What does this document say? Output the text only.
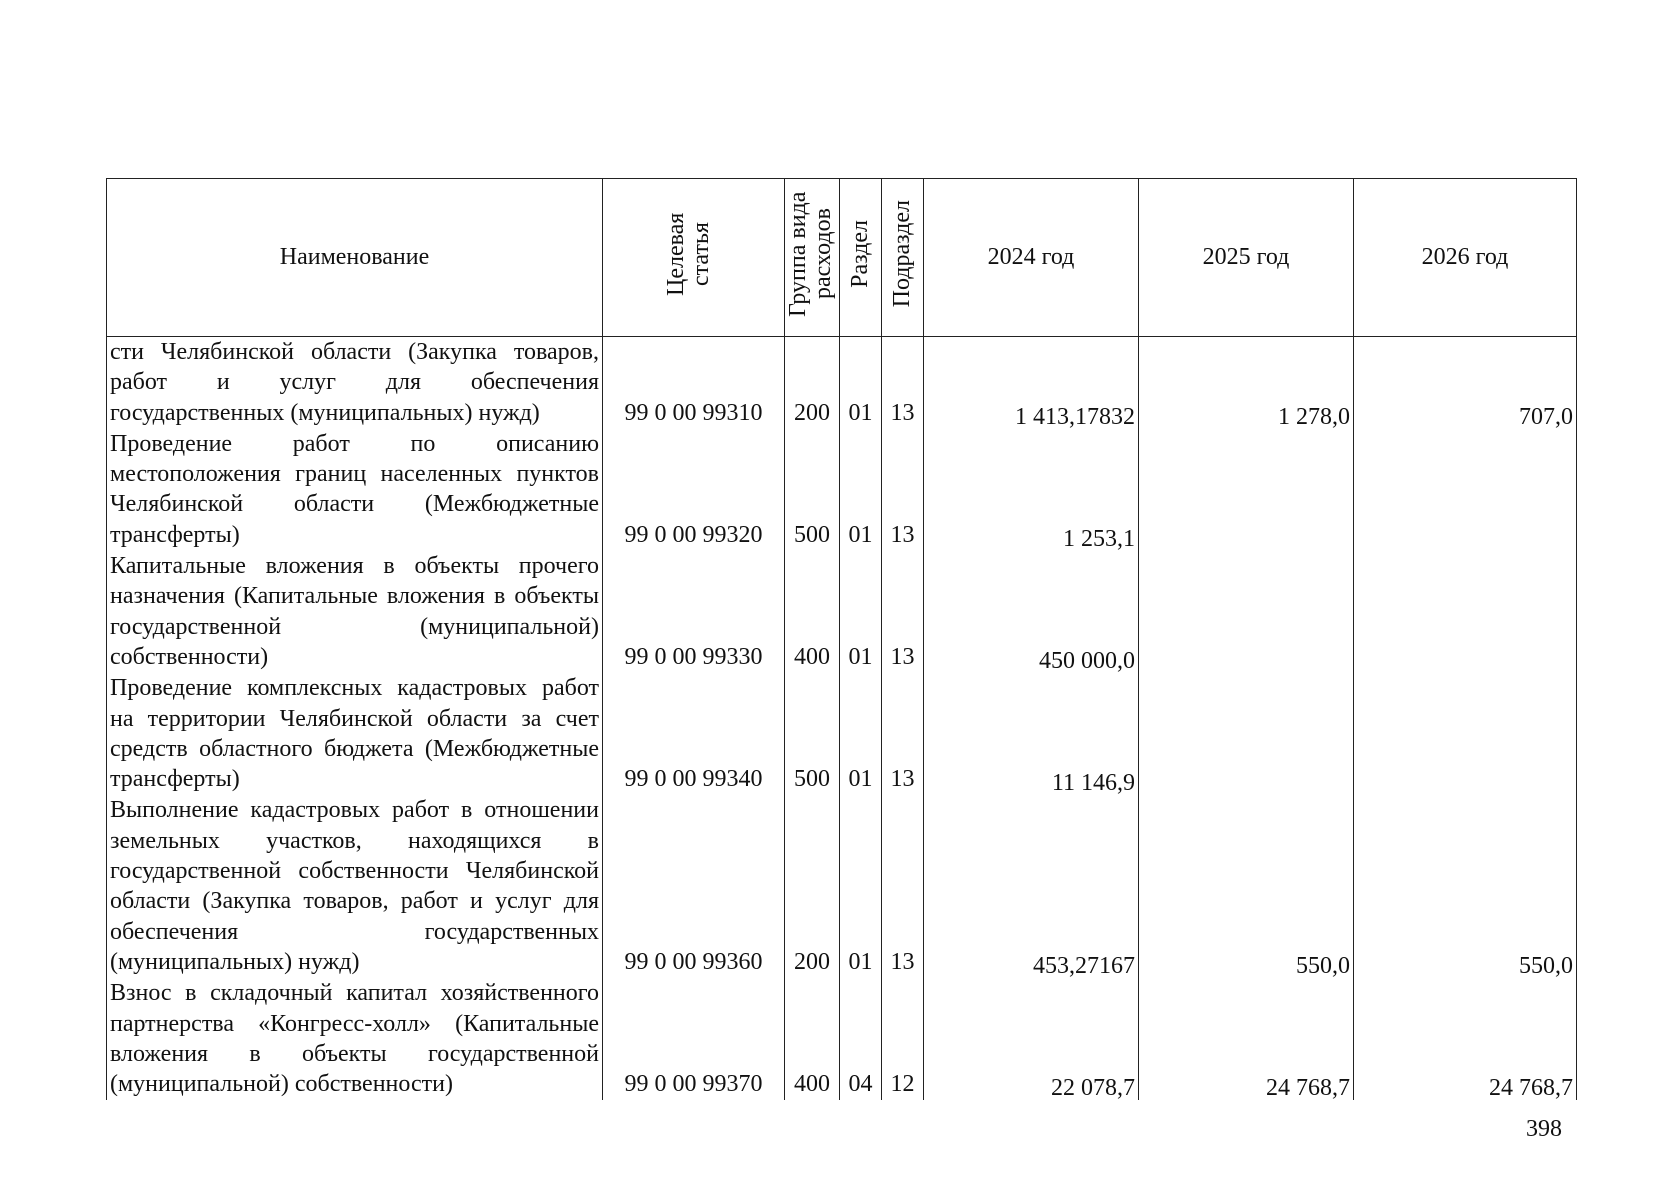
Наименование	Целевая статья	Группа вида расходов	Раздел	Подраздел	2024 год	2025 год	2026 год
сти Челябинской области (Закупка товаров, работ и услуг для обеспечения государственных (муниципальных) нужд)	99 0 00 99310	200	01	13	1 413,17832	1 278,0	707,0
Проведение работ по описанию местоположения границ населенных пунктов Челябинской области (Межбюджетные трансферты)	99 0 00 99320	500	01	13	1 253,1		
Капитальные вложения в объекты прочего назначения (Капитальные вложения в объекты государственной (муниципальной) собственности)	99 0 00 99330	400	01	13	450 000,0		
Проведение комплексных кадастровых работ на территории Челябинской области за счет средств областного бюджета (Межбюджетные трансферты)	99 0 00 99340	500	01	13	11 146,9		
Выполнение кадастровых работ в отношении земельных участков, находящихся в государственной собственности Челябинской области (Закупка товаров, работ и услуг для обеспечения государственных (муниципальных) нужд)	99 0 00 99360	200	01	13	453,27167	550,0	550,0
Взнос в складочный капитал хозяйственного партнерства «Конгресс-холл» (Капитальные вложения в объекты государственной (муниципальной) собственности)	99 0 00 99370	400	04	12	22 078,7	24 768,7	24 768,7
398
